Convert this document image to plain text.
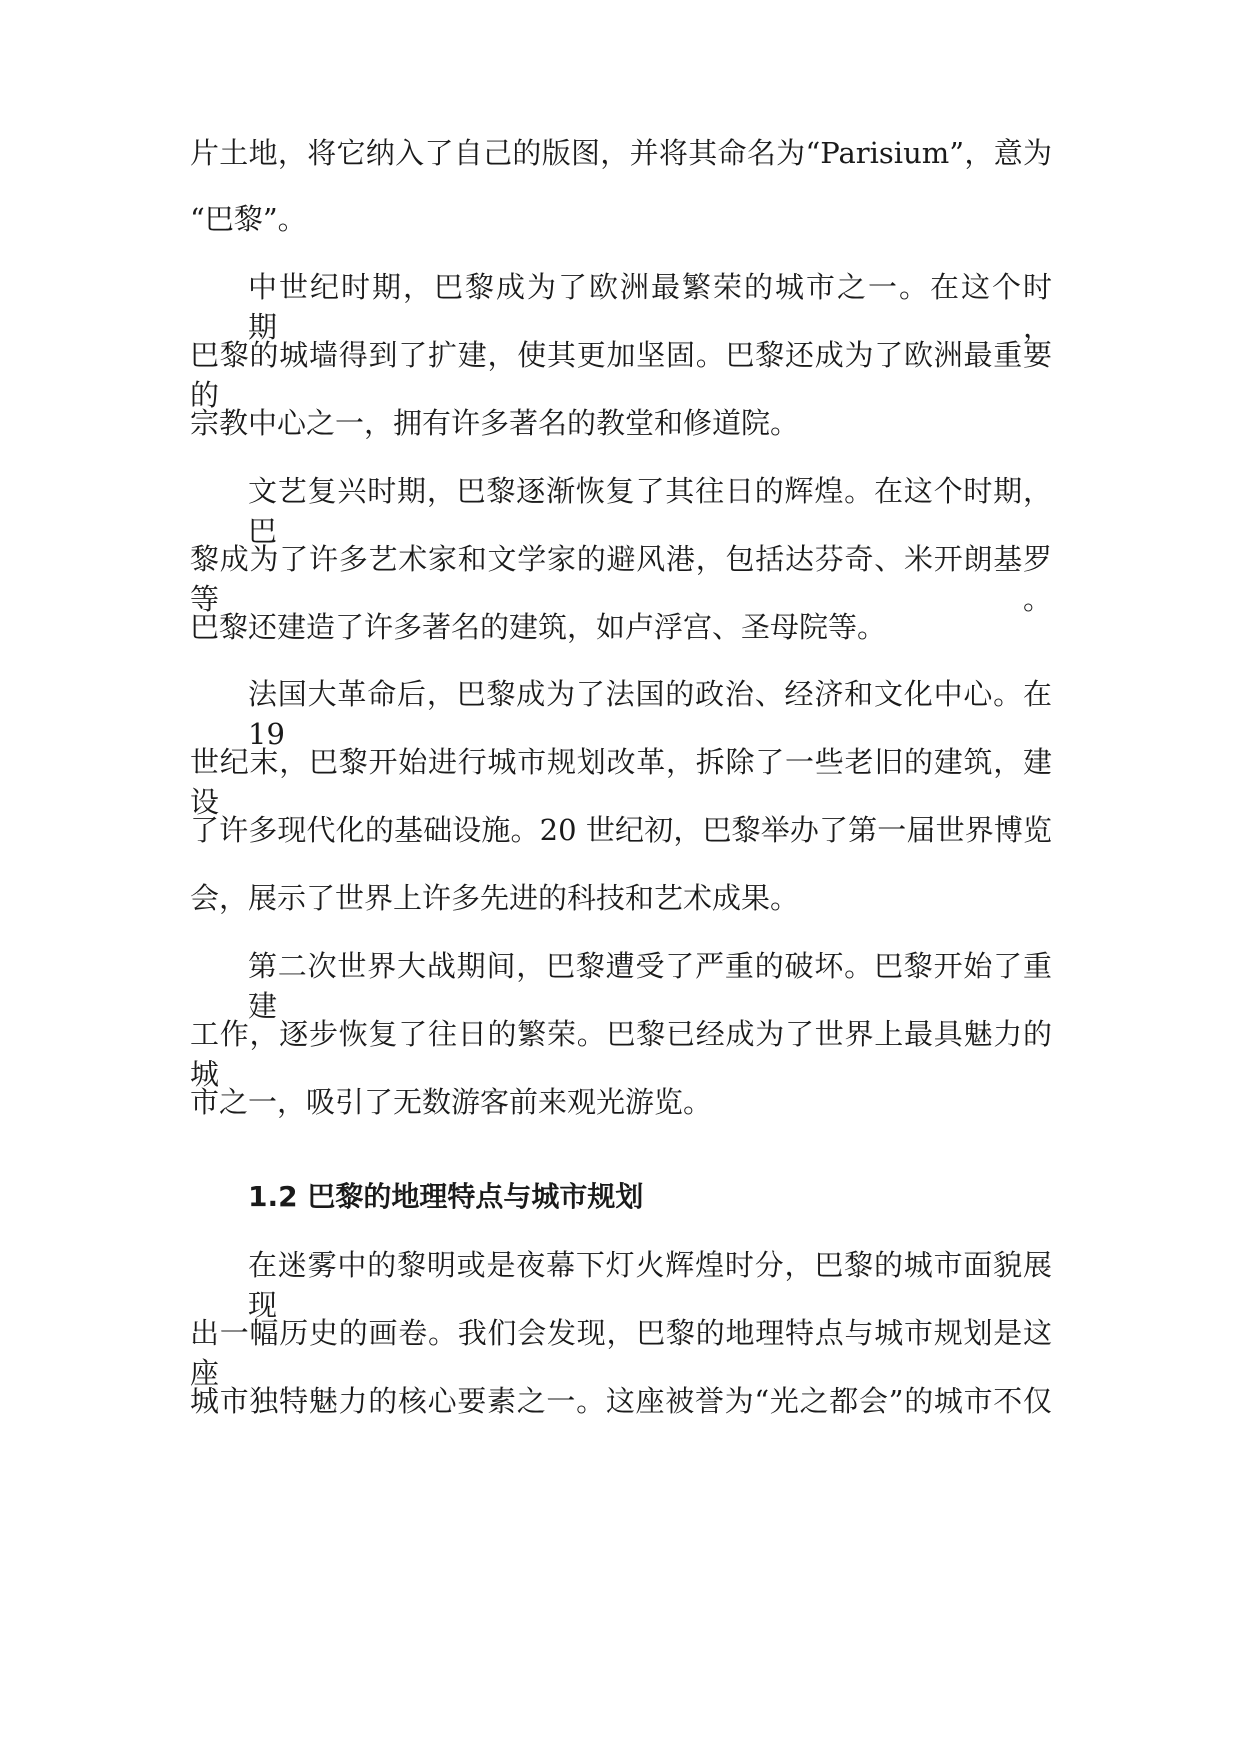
片土地，将它纳入了自己的版图，并将其命名为“Parisium”，意为
“巴黎”。
中世纪时期，巴黎成为了欧洲最繁荣的城市之一。在这个时期，
巴黎的城墙得到了扩建，使其更加坚固。巴黎还成为了欧洲最重要的
宗教中心之一，拥有许多著名的教堂和修道院。
文艺复兴时期，巴黎逐渐恢复了其往日的辉煌。在这个时期，巴
黎成为了许多艺术家和文学家的避风港，包括达芬奇、米开朗基罗等。
巴黎还建造了许多著名的建筑，如卢浮宫、圣母院等。
法国大革命后，巴黎成为了法国的政治、经济和文化中心。在 19
世纪末，巴黎开始进行城市规划改革，拆除了一些老旧的建筑，建设
了许多现代化的基础设施。20 世纪初，巴黎举办了第一届世界博览
会，展示了世界上许多先进的科技和艺术成果。
第二次世界大战期间，巴黎遭受了严重的破坏。巴黎开始了重建
工作，逐步恢复了往日的繁荣。巴黎已经成为了世界上最具魅力的城
市之一，吸引了无数游客前来观光游览。
1.2 巴黎的地理特点与城市规划
在迷雾中的黎明或是夜幕下灯火辉煌时分，巴黎的城市面貌展现
出一幅历史的画卷。我们会发现，巴黎的地理特点与城市规划是这座
城市独特魅力的核心要素之一。这座被誉为“光之都会”的城市不仅
